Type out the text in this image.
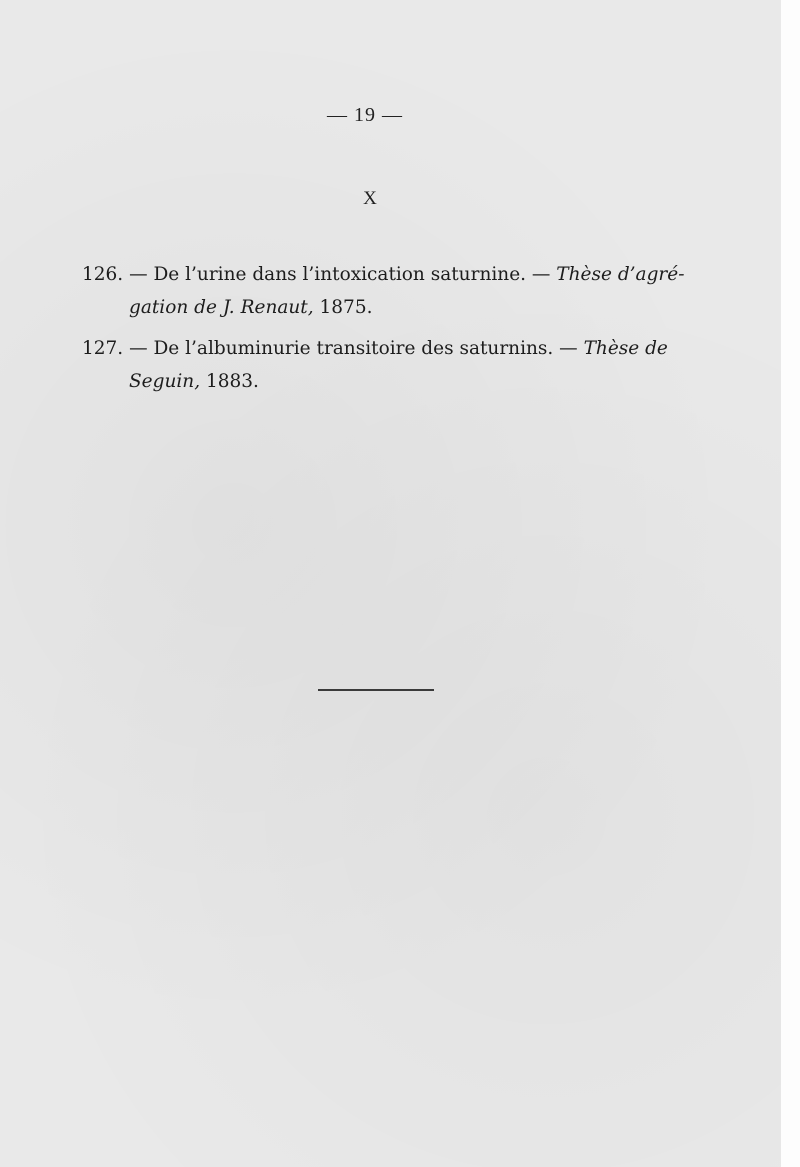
— 19 —
X
126. — De l’urine dans l’intoxication saturnine. — Thèse d’agré-
gation de J. Renaut, 1875.
127. — De l’albuminurie transitoire des saturnins. — Thèse de
Seguin, 1883.
